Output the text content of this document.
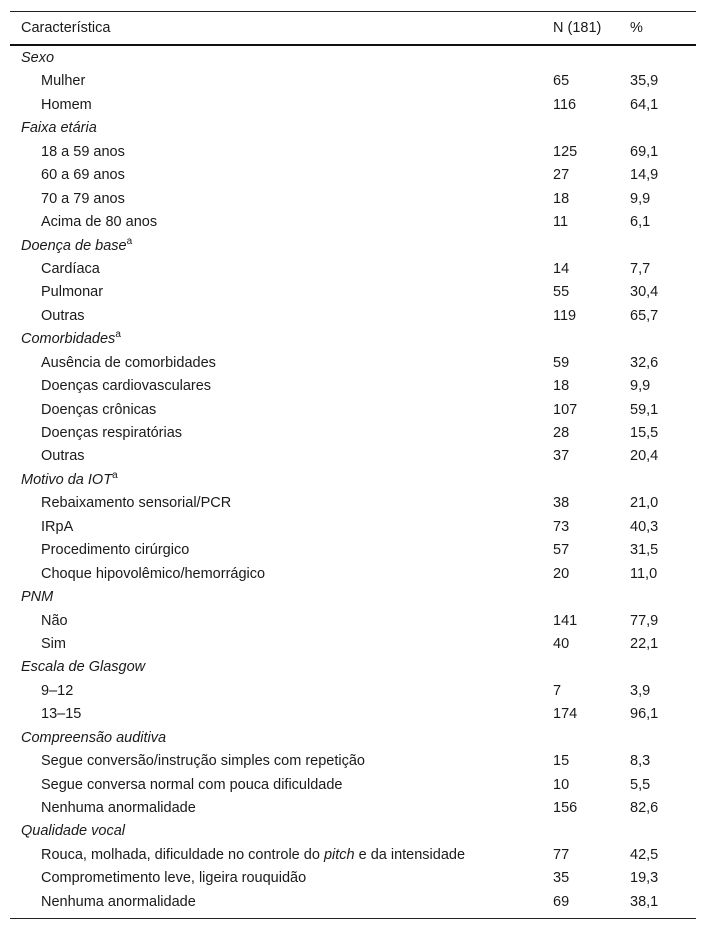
Característica	N (181) %
Sexo
Mulher	65	35,9
Homem	116	64,1
Faixa etária
18 a 59 anos	125	69,1
60 a 69 anos	27	14,9
70 a 79 anos	18	9,9
Acima de 80 anos	11	6,1
Doença de base$^a$
Cardíaca	14	7,7
Pulmonar	55	30,4
Outras	119	65,7
Comorbidades$^a$
Ausência de comorbidades	59	32,6
Doenças cardiovasculares	18	9,9
Doenças crônicas	107	59,1
Doenças respiratórias	28	15,5
Outras	37	20,4
Motivo da IOT$^a$
Rebaixamento sensorial/PCR	38	21,0
IRpA	73	40,3
Procedimento cirúrgico	57	31,5
Choque hipovolêmico/hemorrágico	20	11,0
PNM
Não	141	77,9
Sim	40	22,1
Escala de Glasgow
9–12	7	3,9
13–15	174	96,1
Compreensão auditiva
Segue conversão/instrução simples com repetição	15	8,3
Segue conversa normal com pouca dificuldade	10	5,5
Nenhuma anormalidade	156	82,6
Qualidade vocal
Rouca, molhada, dificuldade no controle do pitch e da intensidade	77	42,5
Comprometimento leve, ligeira rouquidão	35	19,3
Nenhuma anormalidade	69	38,1
